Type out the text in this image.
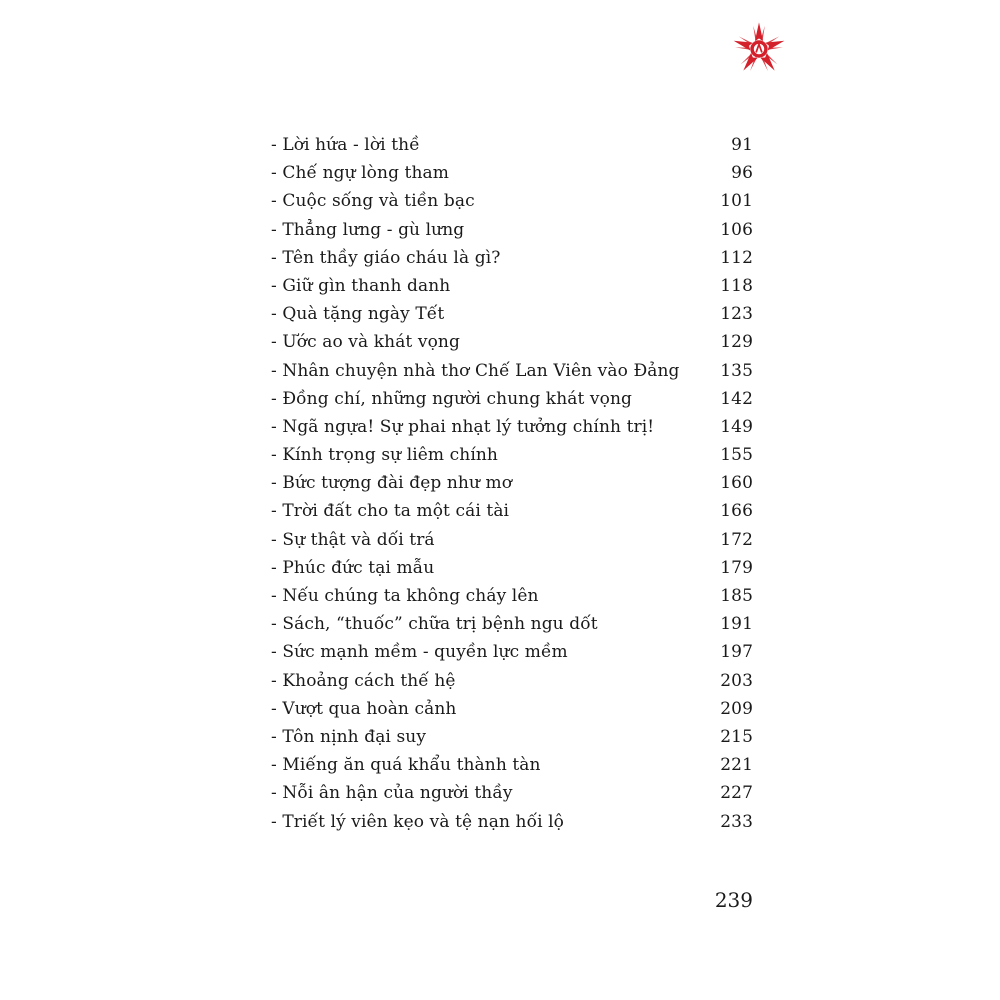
- Lời hứa - lời thề	91
- Chế ngự lòng tham	96
- Cuộc sống và tiền bạc	101
- Thẳng lưng - gù lưng	106
- Tên thầy giáo cháu là gì?	112
- Giữ gìn thanh danh	118
- Quà tặng ngày Tết	123
- Ước ao và khát vọng	129
- Nhân chuyện nhà thơ Chế Lan Viên vào Đảng	135
- Đồng chí, những người chung khát vọng	142
- Ngã ngựa! Sự phai nhạt lý tưởng chính trị!	149
- Kính trọng sự liêm chính	155
- Bức tượng đài đẹp như mơ	160
- Trời đất cho ta một cái tài	166
- Sự thật và dối trá	172
- Phúc đức tại mẫu	179
- Nếu chúng ta không cháy lên	185
- Sách, “thuốc” chữa trị bệnh ngu dốt	191
- Sức mạnh mềm - quyền lực mềm	197
- Khoảng cách thế hệ	203
- Vượt qua hoàn cảnh	209
- Tôn nịnh đại suy	215
- Miếng ăn quá khẩu thành tàn	221
- Nỗi ân hận của người thầy	227
- Triết lý viên kẹo và tệ nạn hối lộ	233
239
